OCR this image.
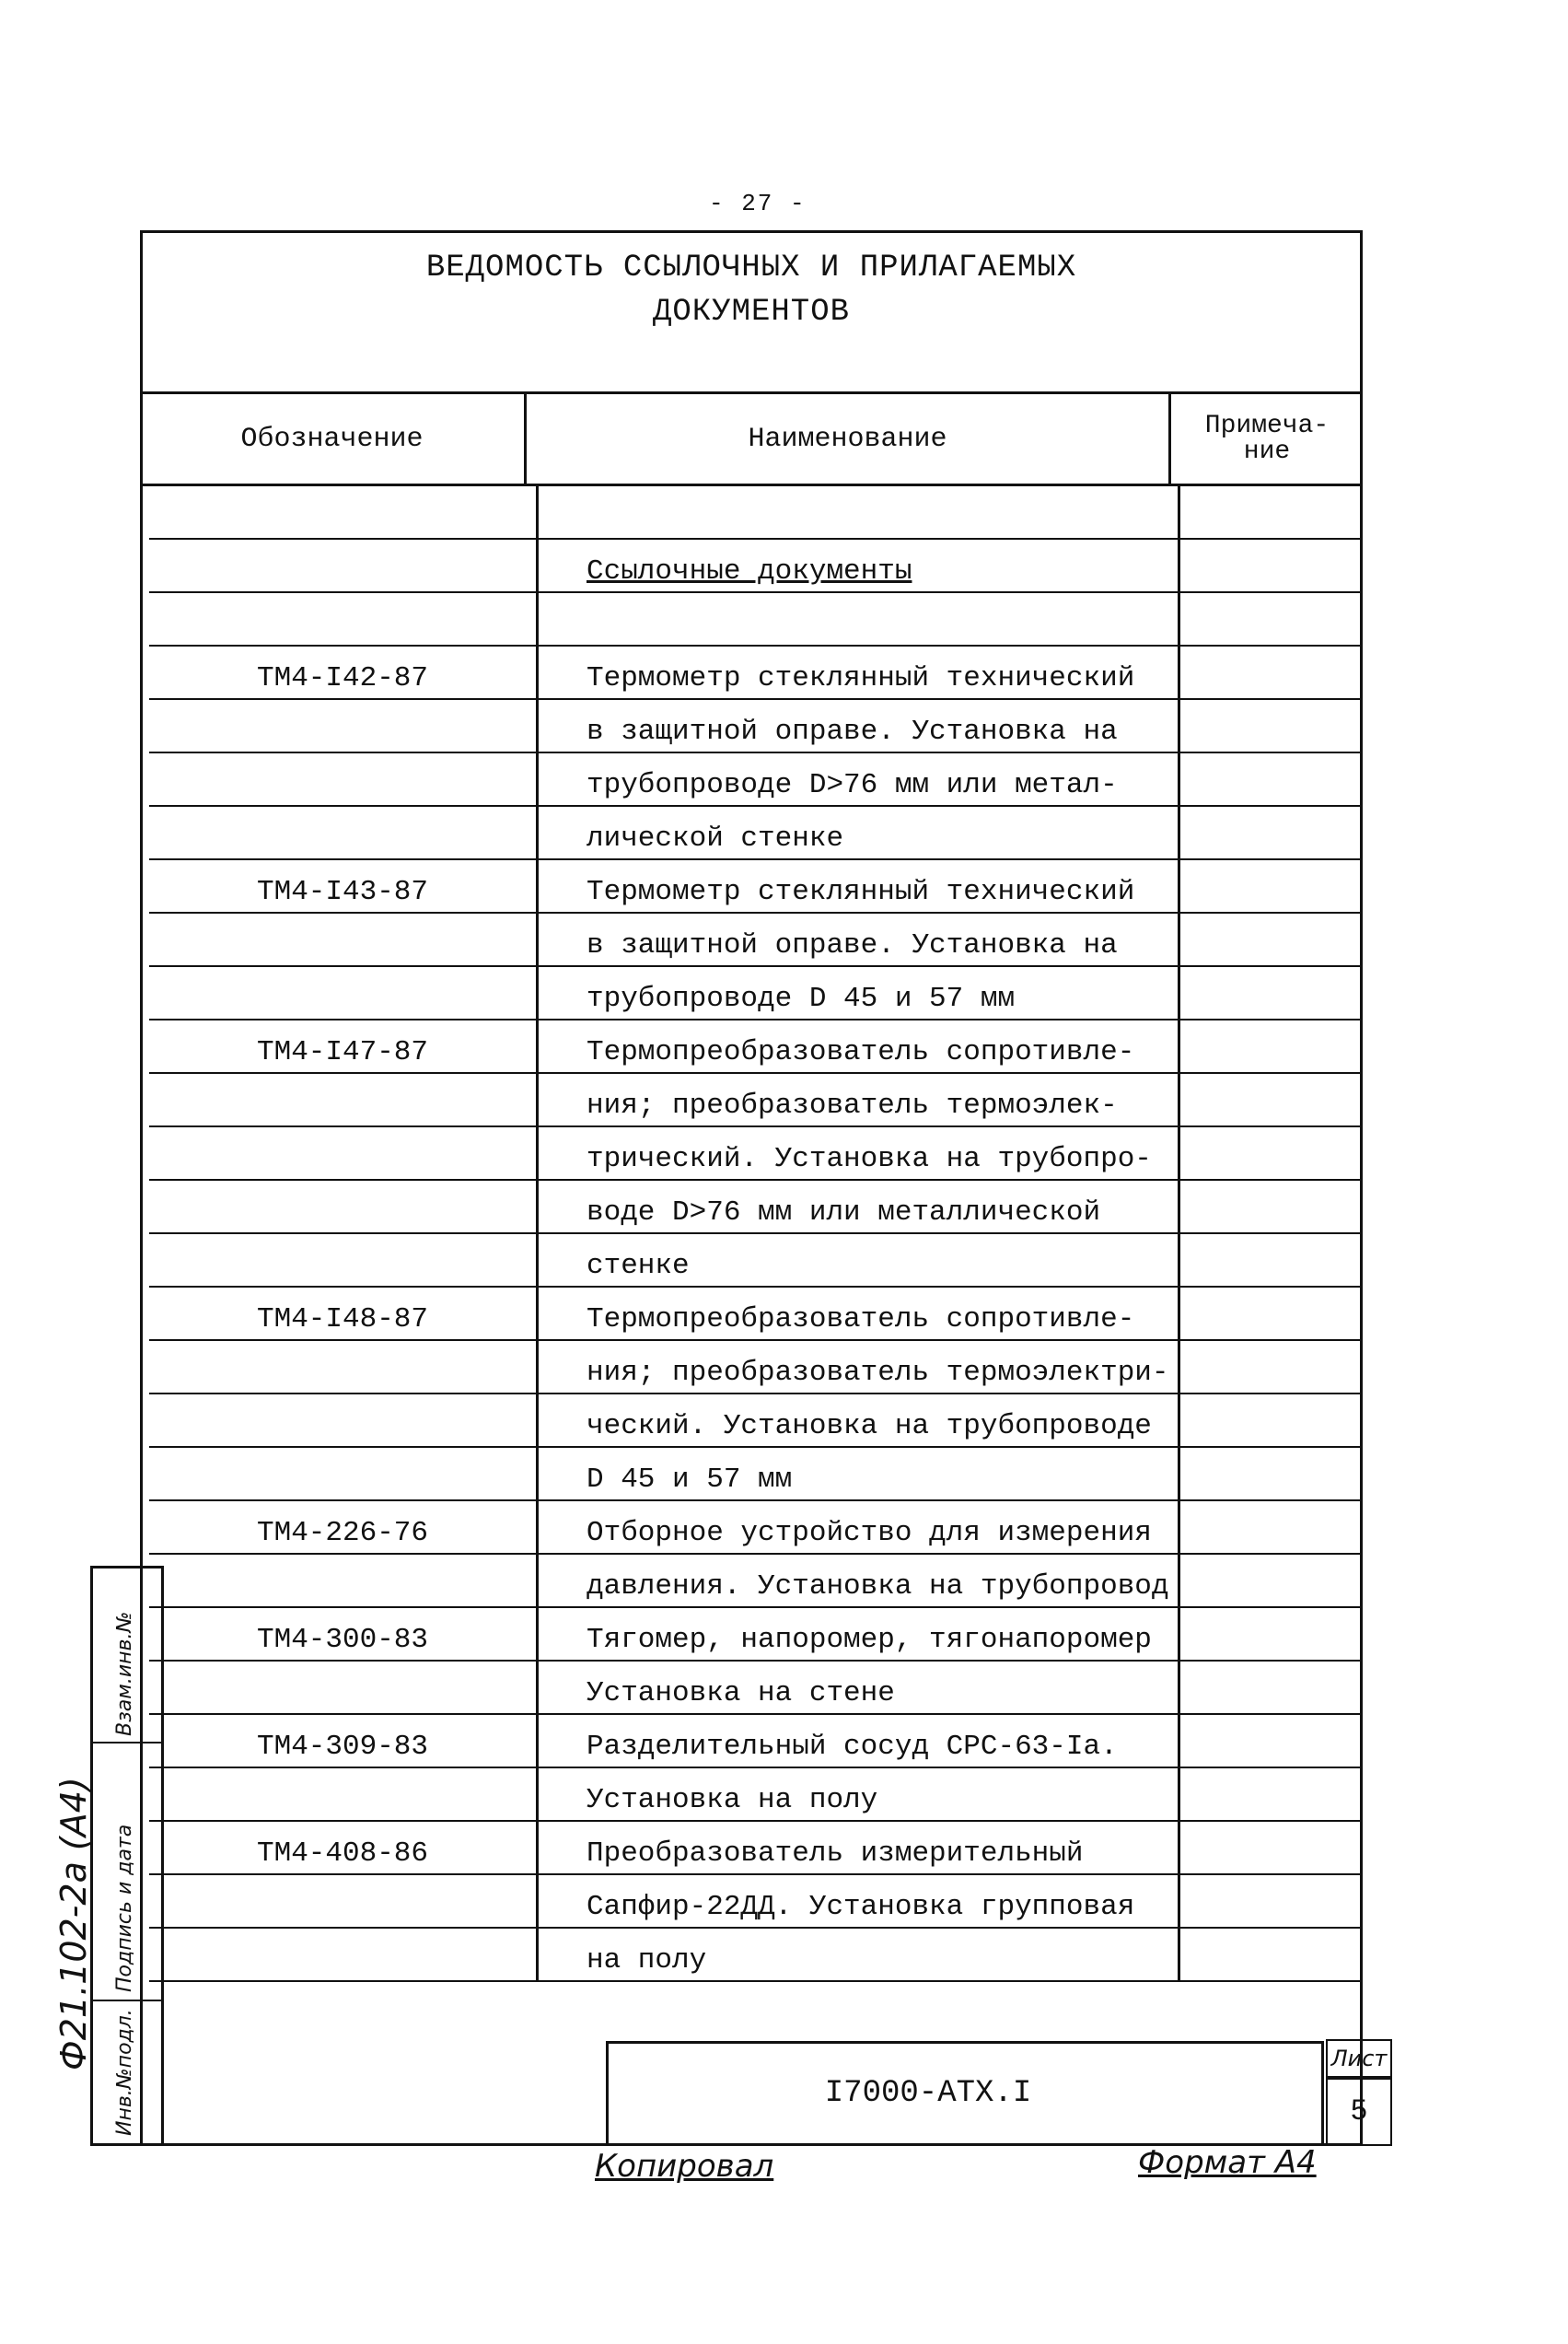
- 27 -
ВЕДОМОСТЬ ССЫЛОЧНЫХ И ПРИЛАГАЕМЫХ
ДОКУМЕНТОВ
Обозначение	Наименование	Примеча-
ние
Ссылочные документы
ТМ4-I42-87	Термометр стеклянный технический
в защитной оправе. Установка на
трубопроводе D>76 мм или метал-
лической стенке
ТМ4-I43-87	Термометр стеклянный технический
в защитной оправе. Установка на
трубопроводе D 45 и 57 мм
ТМ4-I47-87	Термопреобразователь сопротивле-
ния; преобразователь термоэлек-
трический. Установка на трубопро-
воде D>76 мм или металлической
стенке
ТМ4-I48-87	Термопреобразователь сопротивле-
ния; преобразователь термоэлектри-
ческий. Установка на трубопроводе
D 45 и 57 мм
ТМ4-226-76	Отборное устройство для измерения
давления. Установка на трубопровод
ТМ4-300-83	Тягомер, напоромер, тягонапоромер
Установка на стене
ТМ4-309-83	Разделительный сосуд СРС-63-Iа.
Установка на полу
ТМ4-408-86	Преобразователь измерительный
Сапфир-22ДД. Установка групповая
на полу
I7000-АТХ.I
Лист
5
Взам.инв.№
Подпись и дата
Инв.№подл.
Ф21.102-2а (А4)
Копировал	Формат А4
